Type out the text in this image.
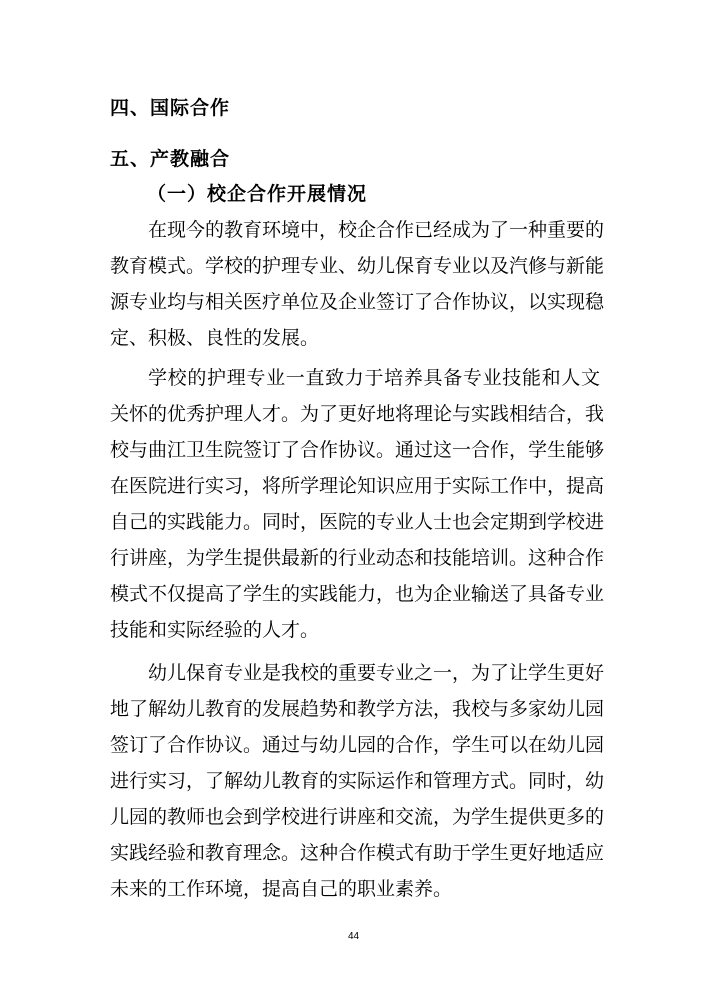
四、国际合作
五、产教融合
（一）校企合作开展情况
在现今的教育环境中，校企合作已经成为了一种重要的
教育模式。学校的护理专业、幼儿保育专业以及汽修与新能
源专业均与相关医疗单位及企业签订了合作协议，以实现稳
定、积极、良性的发展。
学校的护理专业一直致力于培养具备专业技能和人文
关怀的优秀护理人才。为了更好地将理论与实践相结合，我
校与曲江卫生院签订了合作协议。通过这一合作，学生能够
在医院进行实习，将所学理论知识应用于实际工作中，提高
自己的实践能力。同时，医院的专业人士也会定期到学校进
行讲座，为学生提供最新的行业动态和技能培训。这种合作
模式不仅提高了学生的实践能力，也为企业输送了具备专业
技能和实际经验的人才。
幼儿保育专业是我校的重要专业之一，为了让学生更好
地了解幼儿教育的发展趋势和教学方法，我校与多家幼儿园
签订了合作协议。通过与幼儿园的合作，学生可以在幼儿园
进行实习，了解幼儿教育的实际运作和管理方式。同时，幼
儿园的教师也会到学校进行讲座和交流，为学生提供更多的
实践经验和教育理念。这种合作模式有助于学生更好地适应
未来的工作环境，提高自己的职业素养。
44
